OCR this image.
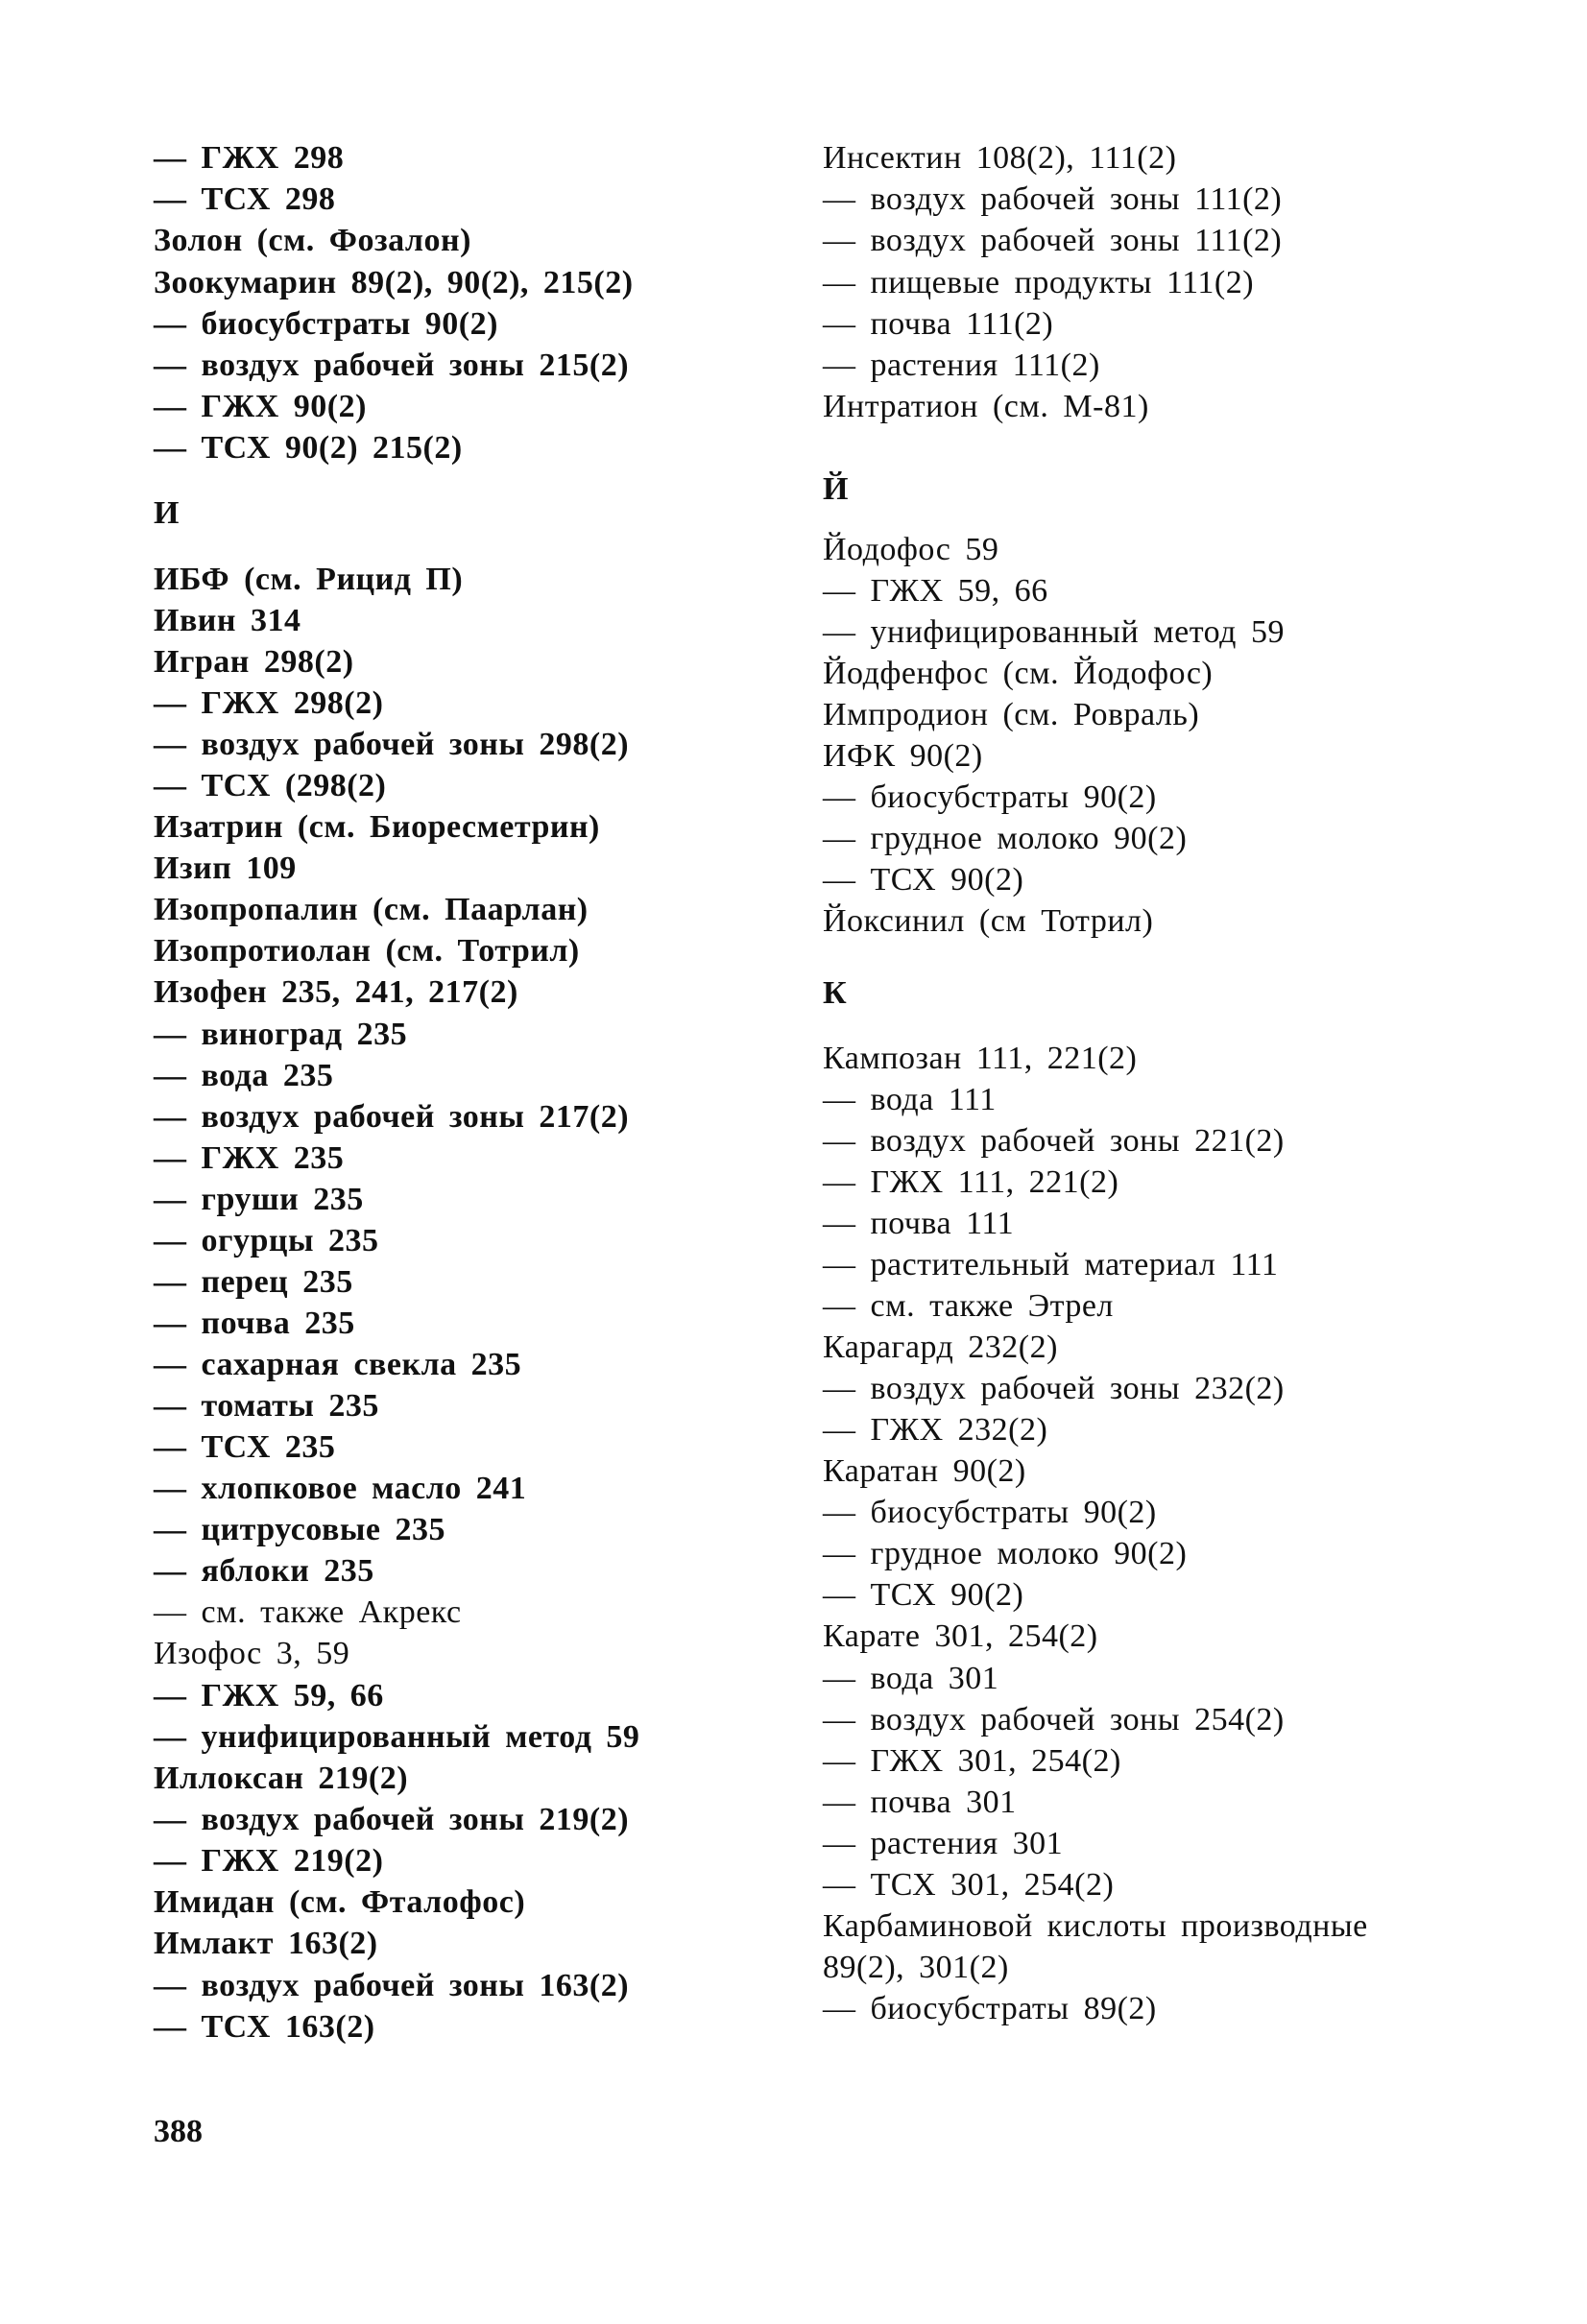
— ГЖХ 298
— ТСХ 298
Золон (см. Фозалон)
Зоокумарин 89(2), 90(2), 215(2)
— биосубстраты 90(2)
— воздух рабочей зоны 215(2)
— ГЖХ 90(2)
— ТСХ 90(2) 215(2)
И
ИБФ (см. Рицид П)
Ивин 314
Игран 298(2)
— ГЖХ 298(2)
— воздух рабочей зоны 298(2)
— ТСХ (298(2)
Изатрин (см. Биоресметрин)
Изип 109
Изопропалин (см. Паарлан)
Изопротиолан (см. Тотрил)
Изофен 235, 241, 217(2)
— виноград 235
— вода 235
— воздух рабочей зоны 217(2)
— ГЖХ 235
— груши 235
— огурцы 235
— перец 235
— почва 235
— сахарная свекла 235
— томаты 235
— ТСХ 235
— хлопковое масло 241
— цитрусовые 235
— яблоки 235
— см. также Акрекс
Изофос 3, 59
— ГЖХ 59, 66
— унифицированный метод 59
Иллоксан 219(2)
— воздух рабочей зоны 219(2)
— ГЖХ 219(2)
Имидан (см. Фталофос)
Имлакт 163(2)
— воздух рабочей зоны 163(2)
— ТСХ 163(2)
Инсектин 108(2), 111(2)
— воздух рабочей зоны 111(2)
— воздух рабочей зоны 111(2)
— пищевые продукты 111(2)
— почва 111(2)
— растения 111(2)
Интратион (см. М-81)
Й
Йодофос 59
— ГЖХ 59, 66
— унифицированный метод 59
Йодфенфос (см. Йодофос)
Импродион (см. Ровраль)
ИФК 90(2)
— биосубстраты 90(2)
— грудное молоко 90(2)
— ТСХ 90(2)
Йоксинил (см Тотрил)
К
Кампозан 111, 221(2)
— вода 111
— воздух рабочей зоны 221(2)
— ГЖХ 111, 221(2)
— почва 111
— растительный материал 111
— см. также Этрел
Карагард 232(2)
— воздух рабочей зоны 232(2)
— ГЖХ 232(2)
Каратан 90(2)
— биосубстраты 90(2)
— грудное молоко 90(2)
— ТСХ 90(2)
Карате 301, 254(2)
— вода 301
— воздух рабочей зоны 254(2)
— ГЖХ 301, 254(2)
— почва 301
— растения 301
— ТСХ 301, 254(2)
Карбаминовой кислоты производные
89(2), 301(2)
— биосубстраты 89(2)
388
